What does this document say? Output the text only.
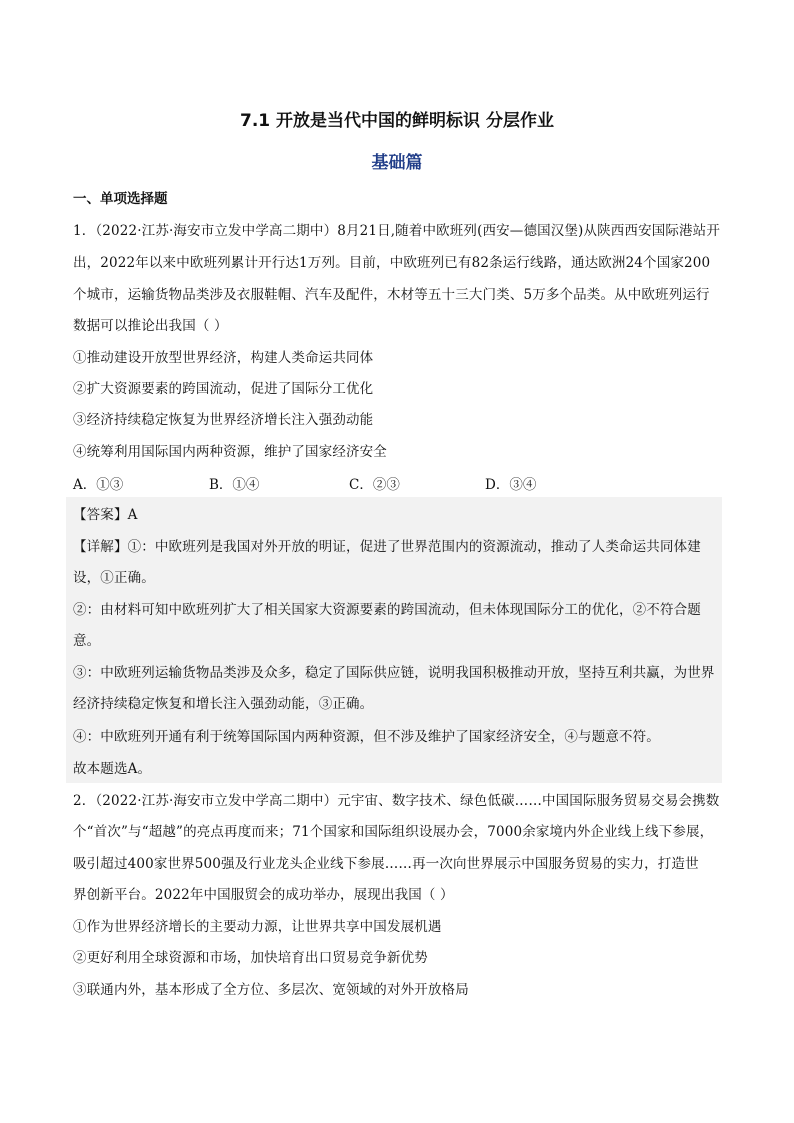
7.1 开放是当代中国的鲜明标识 分层作业
基础篇
一、单项选择题
1．（2022·江苏·海安市立发中学高二期中）8月21日,随着中欧班列(西安—德国汉堡)从陕西西安国际港站开
出，2022年以来中欧班列累计开行达1万列。目前，中欧班列已有82条运行线路，通达欧洲24个国家200
个城市，运输货物品类涉及衣服鞋帽、汽车及配件，木材等五十三大门类、5万多个品类。从中欧班列运行
数据可以推论出我国（ ）
①推动建设开放型世界经济，构建人类命运共同体
②扩大资源要素的跨国流动，促进了国际分工优化
③经济持续稳定恢复为世界经济增长注入强劲动能
④统筹利用国际国内两种资源，维护了国家经济安全
A．①③	B．①④	C．②③	D．③④
【答案】A
【详解】①：中欧班列是我国对外开放的明证，促进了世界范围内的资源流动，推动了人类命运共同体建
设，①正确。
②：由材料可知中欧班列扩大了相关国家大资源要素的跨国流动，但未体现国际分工的优化，②不符合题
意。
③：中欧班列运输货物品类涉及众多，稳定了国际供应链，说明我国积极推动开放，坚持互利共赢，为世界
经济持续稳定恢复和增长注入强劲动能，③正确。
④：中欧班列开通有利于统筹国际国内两种资源，但不涉及维护了国家经济安全，④与题意不符。
故本题选A。
2．（2022·江苏·海安市立发中学高二期中）元宇宙、数字技术、绿色低碳……中国国际服务贸易交易会携数
个“首次”与“超越”的亮点再度而来；71个国家和国际组织设展办会，7000余家境内外企业线上线下参展，
吸引超过400家世界500强及行业龙头企业线下参展……再一次向世界展示中国服务贸易的实力，打造世
界创新平台。2022年中国服贸会的成功举办，展现出我国（ ）
①作为世界经济增长的主要动力源，让世界共享中国发展机遇
②更好利用全球资源和市场，加快培育出口贸易竞争新优势
③联通内外，基本形成了全方位、多层次、宽领域的对外开放格局
